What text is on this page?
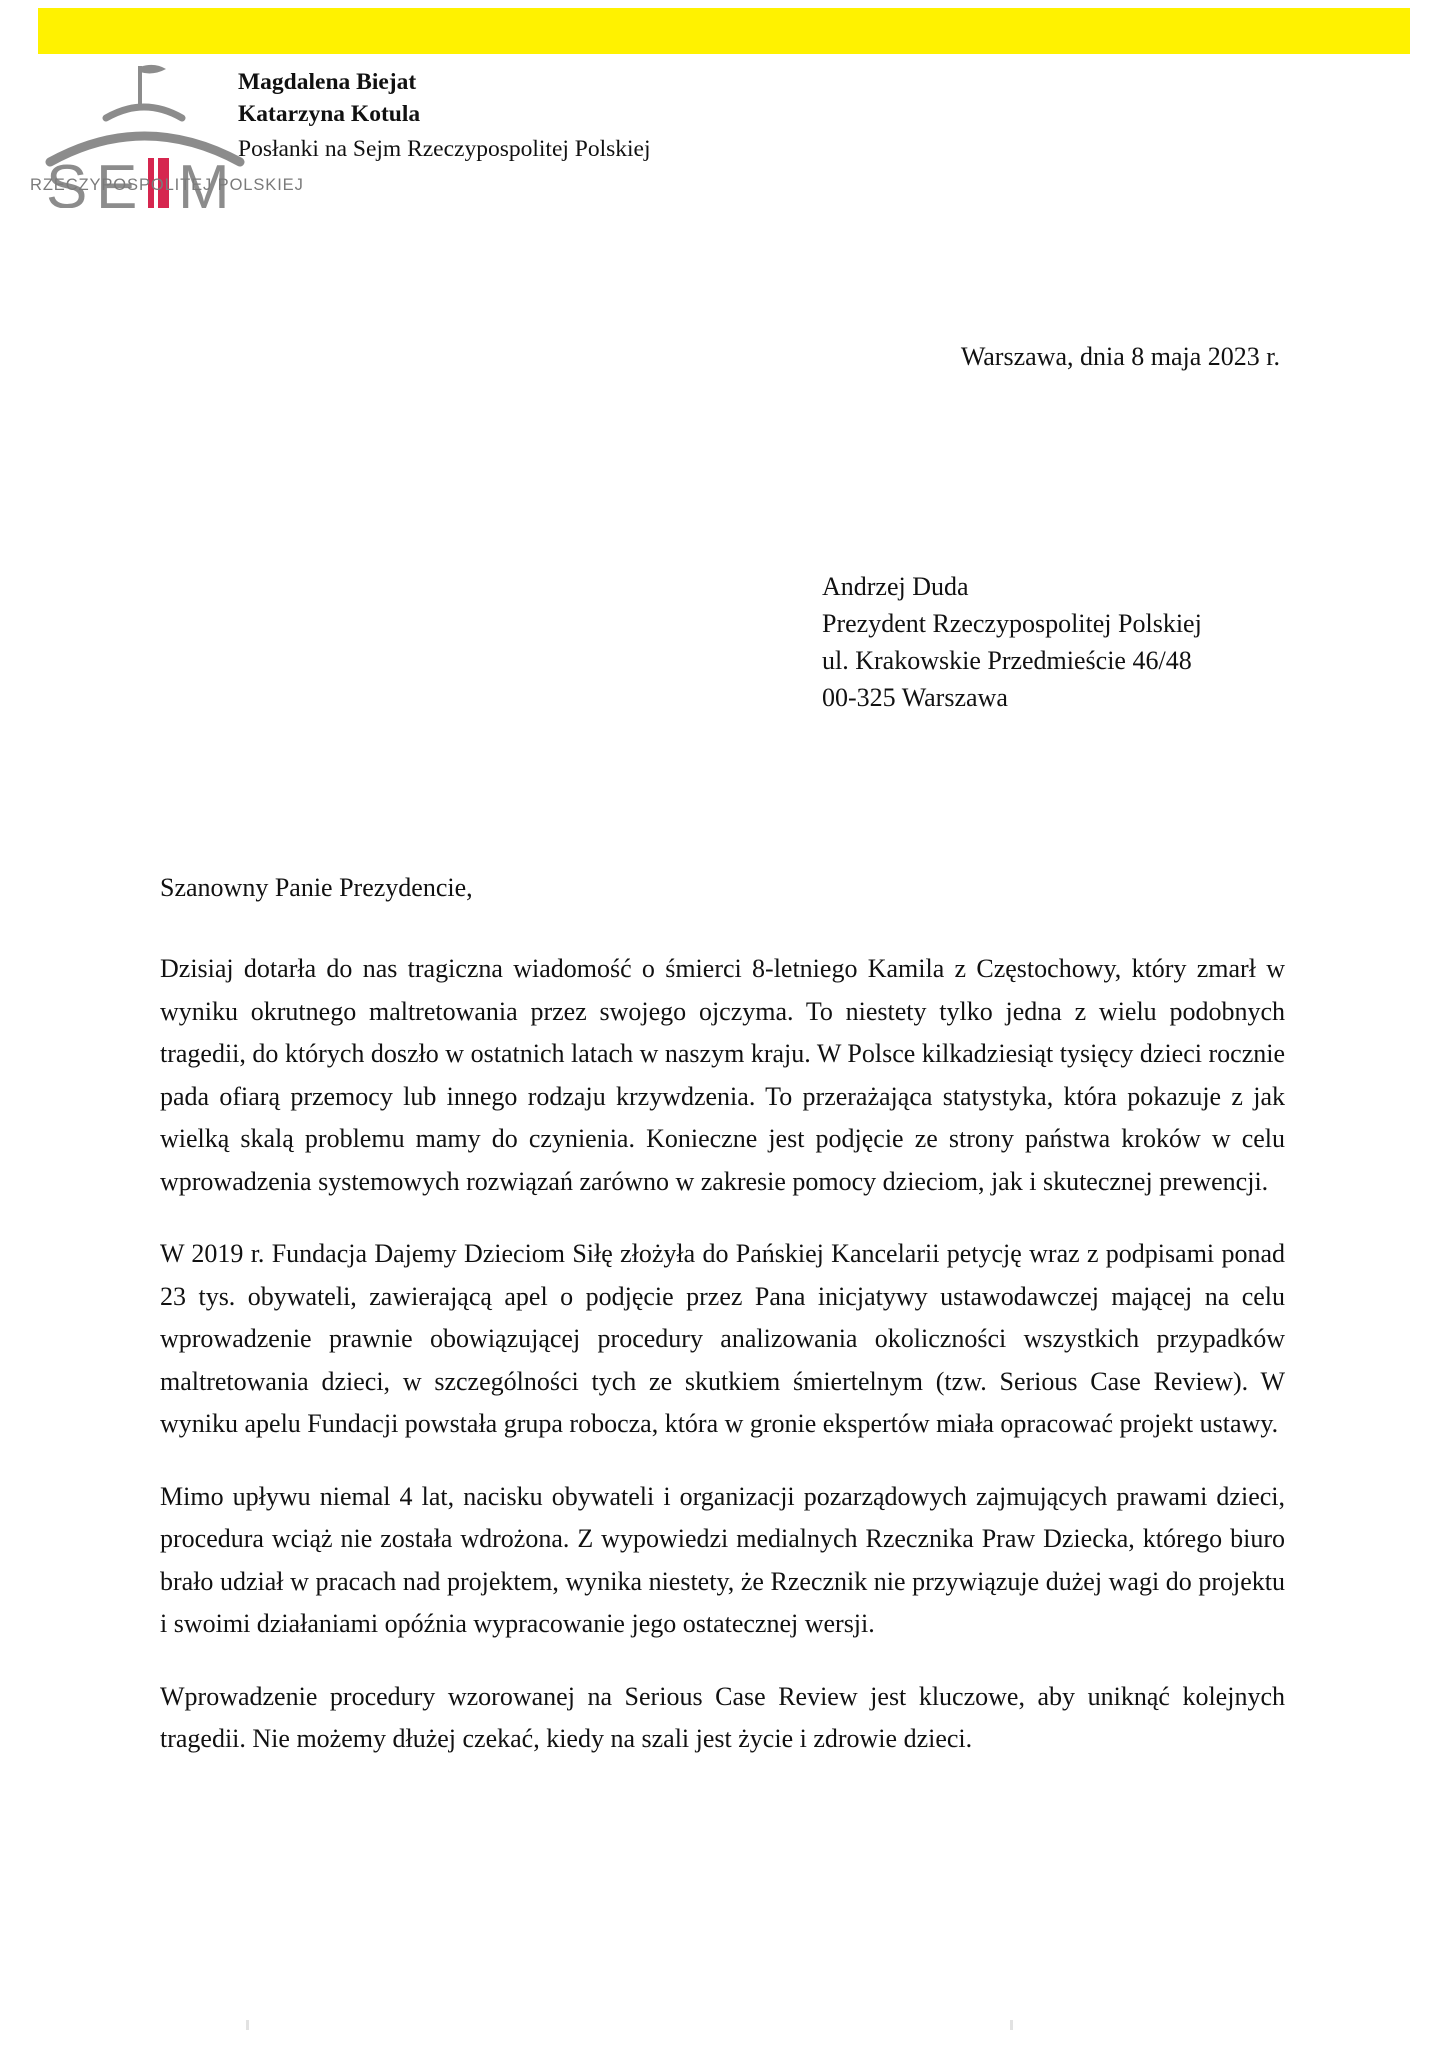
S
E M
RZECZYPOSPOLITEJ POLSKIEJ
Magdalena Biejat
Katarzyna Kotula
Posłanki na Sejm Rzeczypospolitej Polskiej
Warszawa, dnia 8 maja 2023 r.
Andrzej Duda
Prezydent Rzeczypospolitej Polskiej
ul. Krakowskie Przedmieście 46/48
00-325 Warszawa
Szanowny Panie Prezydencie,

Dzisiaj dotarła do nas tragiczna wiadomość o śmierci 8-letniego Kamila z Częstochowy, który zmarł w wyniku okrutnego maltretowania przez swojego ojczyma. To niestety tylko jedna z wielu podobnych tragedii, do których doszło w ostatnich latach w naszym kraju. W Polsce kilkadziesiąt tysięcy dzieci rocznie pada ofiarą przemocy lub innego rodzaju krzywdzenia. To przerażająca statystyka, która pokazuje z jak wielką skalą problemu mamy do czynienia. Konieczne jest podjęcie ze strony państwa kroków w celu wprowadzenia systemowych rozwiązań zarówno w zakresie pomocy dzieciom, jak i skutecznej prewencji.

W 2019 r. Fundacja Dajemy Dzieciom Siłę złożyła do Pańskiej Kancelarii petycję wraz z podpisami ponad 23 tys. obywateli, zawierającą apel o podjęcie przez Pana inicjatywy ustawodawczej mającej na celu wprowadzenie prawnie obowiązującej procedury analizowania okoliczności wszystkich przypadków maltretowania dzieci, w szczególności tych ze skutkiem śmiertelnym (tzw. Serious Case Review). W wyniku apelu Fundacji powstała grupa robocza, która w gronie ekspertów miała opracować projekt ustawy.

Mimo upływu niemal 4 lat, nacisku obywateli i organizacji pozarządowych zajmujących prawami dzieci, procedura wciąż nie została wdrożona. Z wypowiedzi medialnych Rzecznika Praw Dziecka, którego biuro brało udział w pracach nad projektem, wynika niestety, że Rzecznik nie przywiązuje dużej wagi do projektu i swoimi działaniami opóźnia wypracowanie jego ostatecznej wersji.

Wprowadzenie procedury wzorowanej na Serious Case Review jest kluczowe, aby uniknąć kolejnych tragedii. Nie możemy dłużej czekać, kiedy na szali jest życie i zdrowie dzieci.
